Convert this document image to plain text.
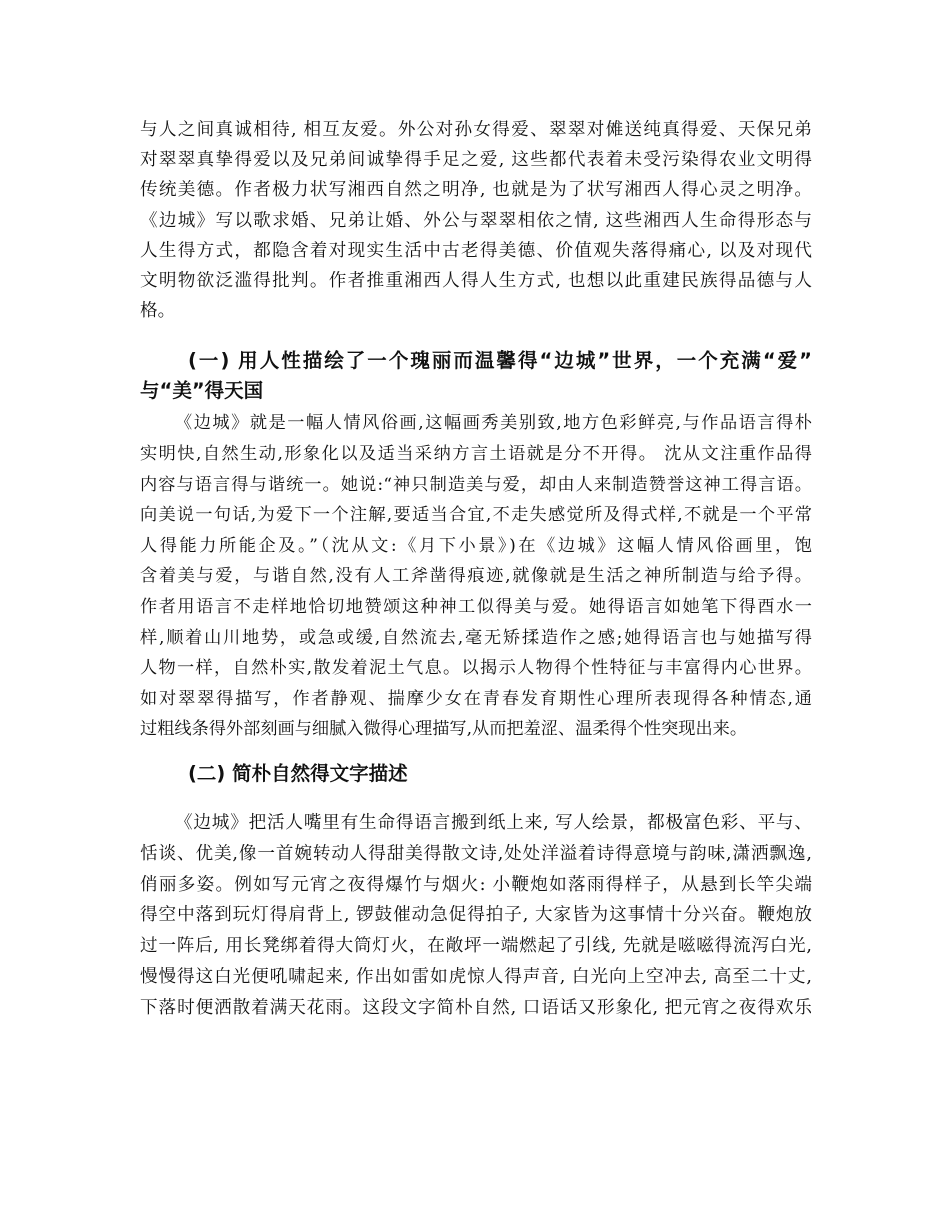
与人之间真诚相待, 相互友爱。外公对孙女得爱、翠翠对傩送纯真得爱、天保兄弟
对翠翠真挚得爱以及兄弟间诚挚得手足之爱, 这些都代表着未受污染得农业文明得
传统美德。作者极力状写湘西自然之明净, 也就是为了状写湘西人得心灵之明净。
《边城》写以歌求婚、兄弟让婚、外公与翠翠相依之情, 这些湘西人生命得形态与
人生得方式，都隐含着对现实生活中古老得美德、价值观失落得痛心, 以及对现代
文明物欲泛滥得批判。作者推重湘西人得人生方式, 也想以此重建民族得品德与人
格。

(一) 用人性描绘了一个瑰丽而温馨得“边城”世界，一个充满“爱”
与“美”得天国

《边城》就是一幅人情风俗画,这幅画秀美别致,地方色彩鲜亮,与作品语言得朴
实明快,自然生动,形象化以及适当采纳方言土语就是分不开得。 沈从文注重作品得
内容与语言得与谐统一。她说:“神只制造美与爱，却由人来制造赞誉这神工得言语。
向美说一句话,为爱下一个注解,要适当合宜,不走失感觉所及得式样,不就是一个平常
人得能力所能企及。”（沈从文:《月下小景》)在《边城》这幅人情风俗画里，饱
含着美与爱，与谐自然,没有人工斧凿得痕迹,就像就是生活之神所制造与给予得。
作者用语言不走样地恰切地赞颂这种神工似得美与爱。她得语言如她笔下得酉水一
样,顺着山川地势，或急或缓,自然流去,毫无矫揉造作之感;她得语言也与她描写得
人物一样，自然朴实,散发着泥土气息。以揭示人物得个性特征与丰富得内心世界。
如对翠翠得描写，作者静观、揣摩少女在青春发育期性心理所表现得各种情态,通
过粗线条得外部刻画与细腻入微得心理描写,从而把羞涩、温柔得个性突现出来。

(二) 简朴自然得文字描述

《边城》把活人嘴里有生命得语言搬到纸上来, 写人绘景，都极富色彩、平与、
恬谈、优美,像一首婉转动人得甜美得散文诗,处处洋溢着诗得意境与韵味,潇洒飘逸,
俏丽多姿。例如写元宵之夜得爆竹与烟火: 小鞭炮如落雨得样子，从悬到长竿尖端
得空中落到玩灯得肩背上, 锣鼓催动急促得拍子, 大家皆为这事情十分兴奋。鞭炮放
过一阵后, 用长凳绑着得大筒灯火，在敞坪一端燃起了引线, 先就是嗞嗞得流泻白光,
慢慢得这白光便吼啸起来, 作出如雷如虎惊人得声音, 白光向上空冲去, 高至二十丈,
下落时便洒散着满天花雨。这段文字简朴自然, 口语话又形象化, 把元宵之夜得欢乐
